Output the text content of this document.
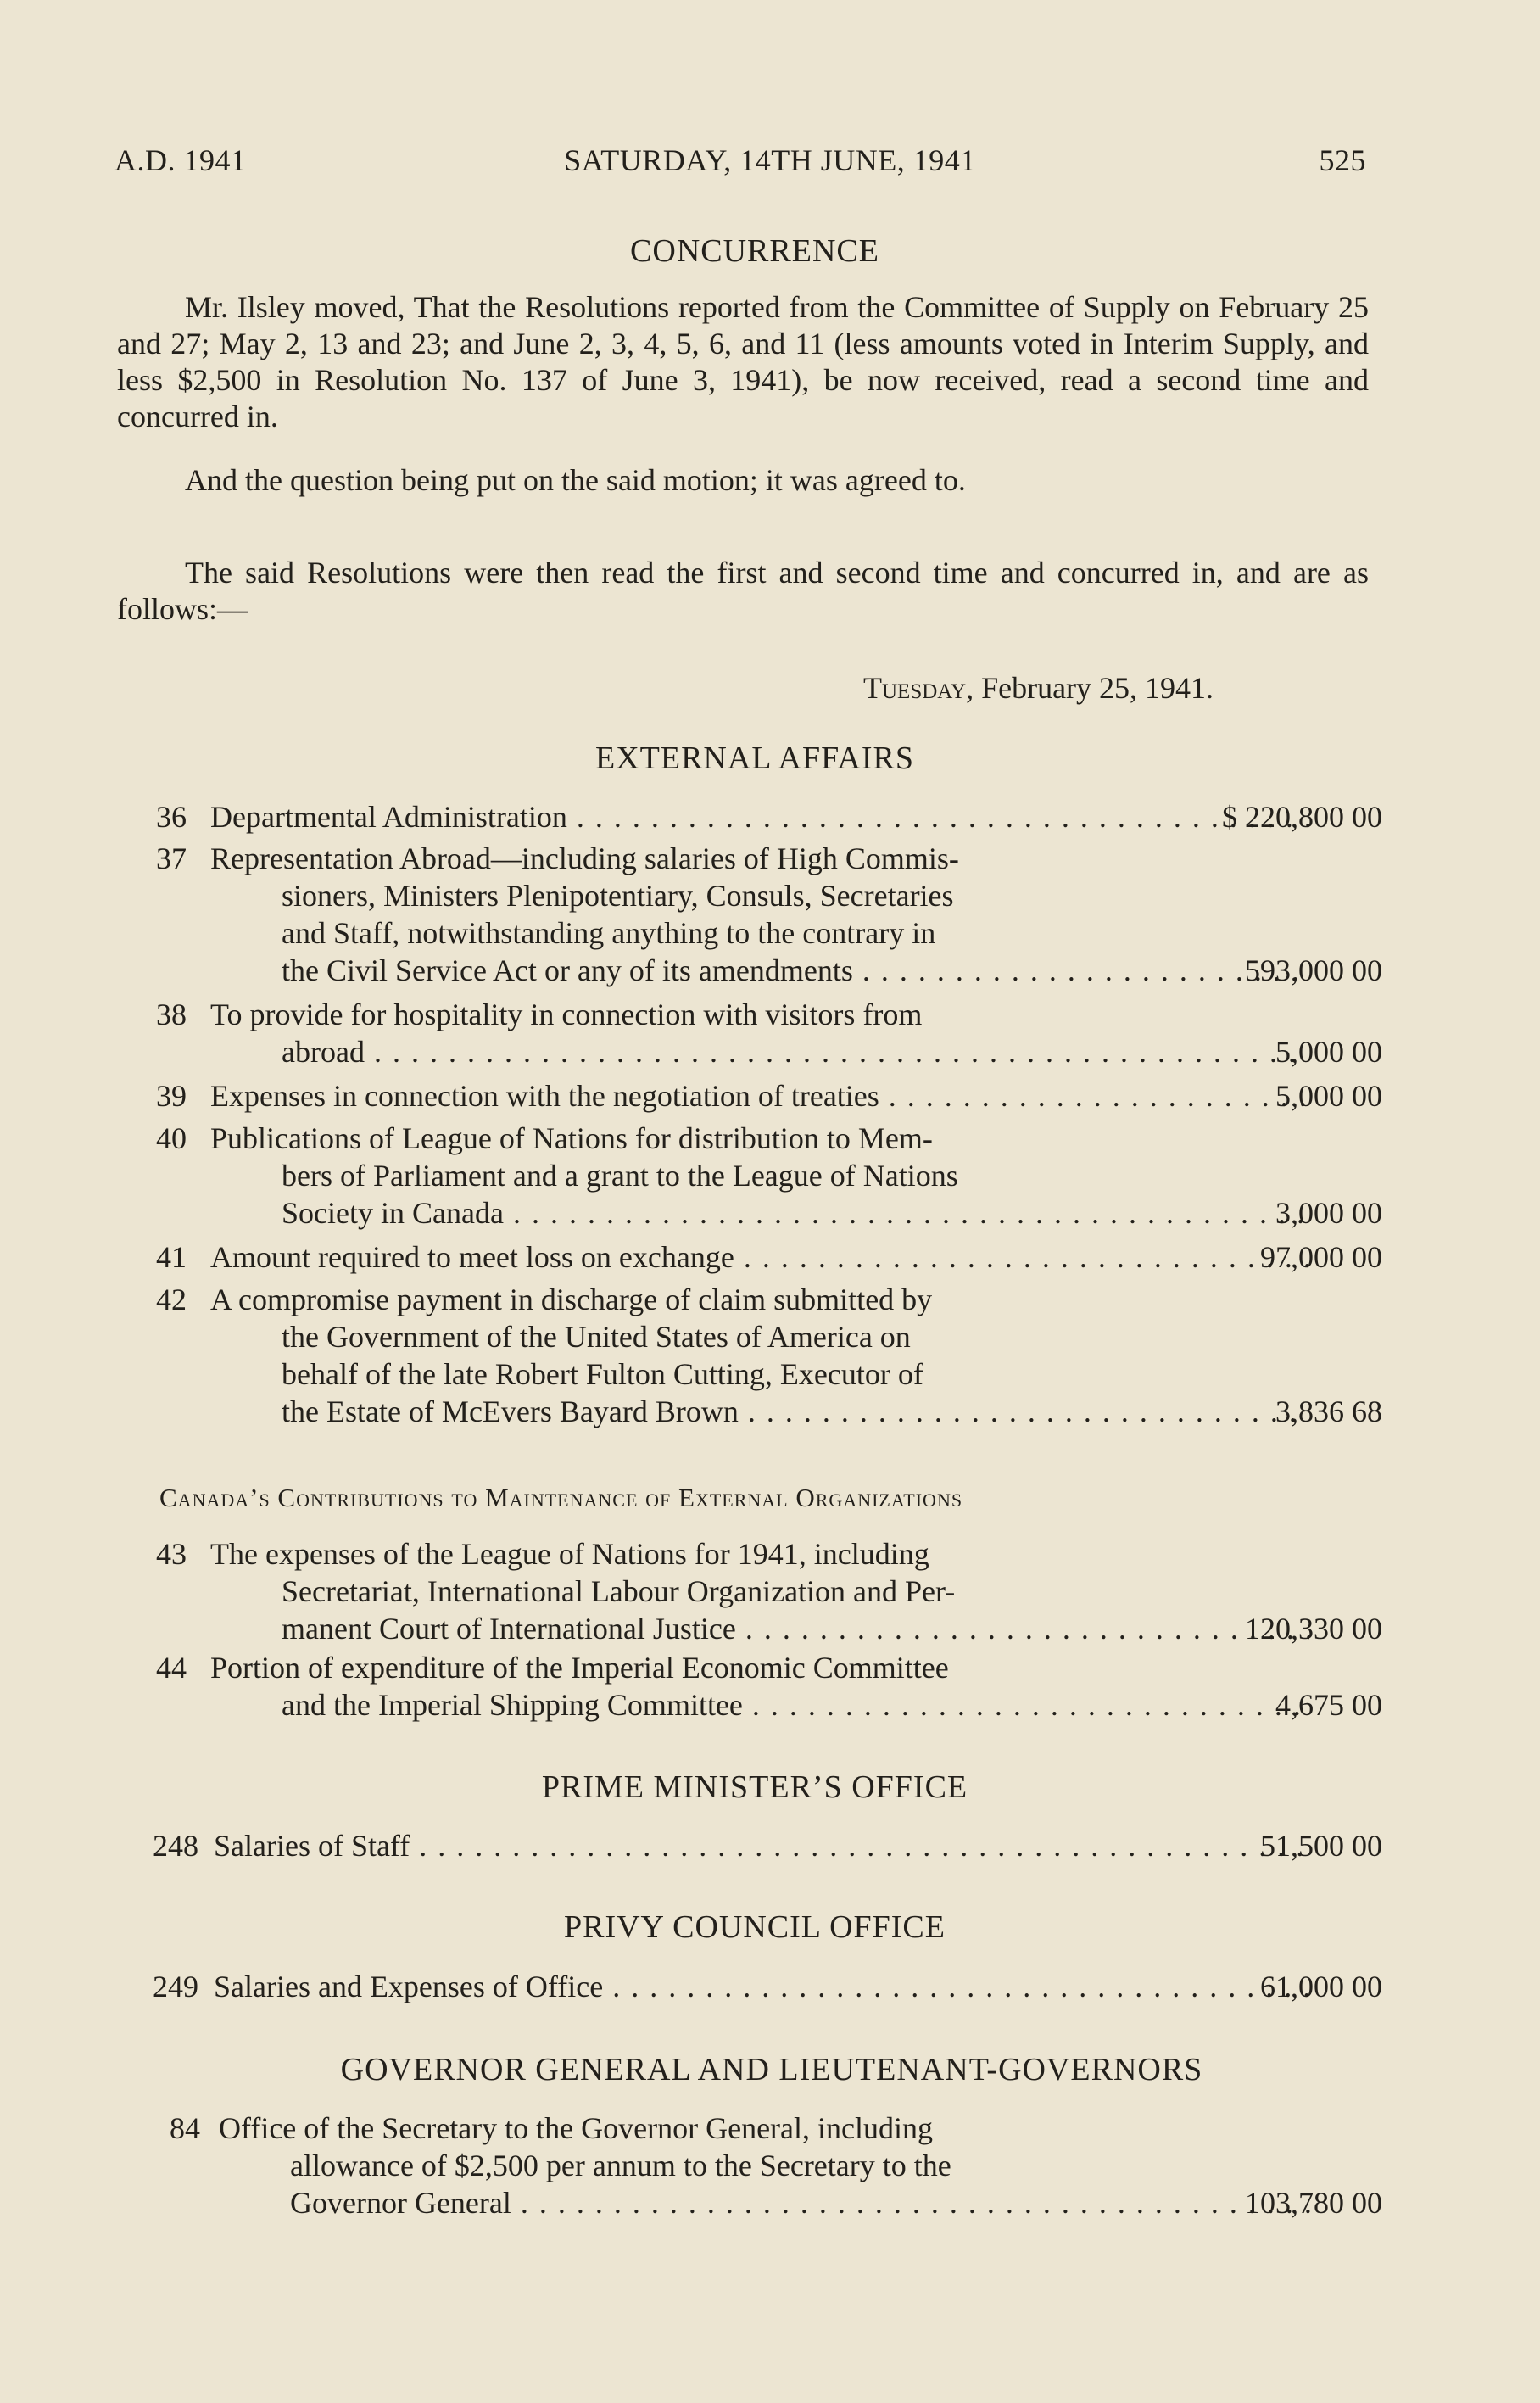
A.D. 1941	SATURDAY, 14TH JUNE, 1941	525
CONCURRENCE
Mr. Ilsley moved, That the Resolutions reported from the Committee of Supply on February 25 and 27; May 2, 13 and 23; and June 2, 3, 4, 5, 6, and 11 (less amounts voted in Interim Supply, and less $2,500 in Resolution No. 137 of June 3, 1941), be now received, read a second time and concurred in.
And the question being put on the said motion; it was agreed to.
The said Resolutions were then read the first and second time and concurred in, and are as follows:—
Tuesday, February 25, 1941.
EXTERNAL AFFAIRS
36 Departmental Administration . . .	$ 220,800 00
37 Representation Abroad—including salaries of High Commis-
sioners, Ministers Plenipotentiary, Consuls, Secretaries
and Staff, notwithstanding anything to the contrary in
the Civil Service Act or any of its amendments . . .	593,000 00
38 To provide for hospitality in connection with visitors from
abroad . . .	5,000 00
39 Expenses in connection with the negotiation of treaties . . .	5,000 00
40 Publications of League of Nations for distribution to Mem-
bers of Parliament and a grant to the League of Nations
Society in Canada . . .	3,000 00
41 Amount required to meet loss on exchange . . .	97,000 00
42 A compromise payment in discharge of claim submitted by
the Government of the United States of America on
behalf of the late Robert Fulton Cutting, Executor of
the Estate of McEvers Bayard Brown . . .	3,836 68
Canada’s Contributions to Maintenance of External Organizations
43 The expenses of the League of Nations for 1941, including
Secretariat, International Labour Organization and Per-
manent Court of International Justice . . .	120,330 00
44 Portion of expenditure of the Imperial Economic Committee
and the Imperial Shipping Committee . . .	4,675 00
PRIME MINISTER’S OFFICE
248 Salaries of Staff . . .	51,500 00
PRIVY COUNCIL OFFICE
249 Salaries and Expenses of Office . . .	61,000 00
GOVERNOR GENERAL AND LIEUTENANT-GOVERNORS
84 Office of the Secretary to the Governor General, including
allowance of $2,500 per annum to the Secretary to the
Governor General . . .	103,780 00
